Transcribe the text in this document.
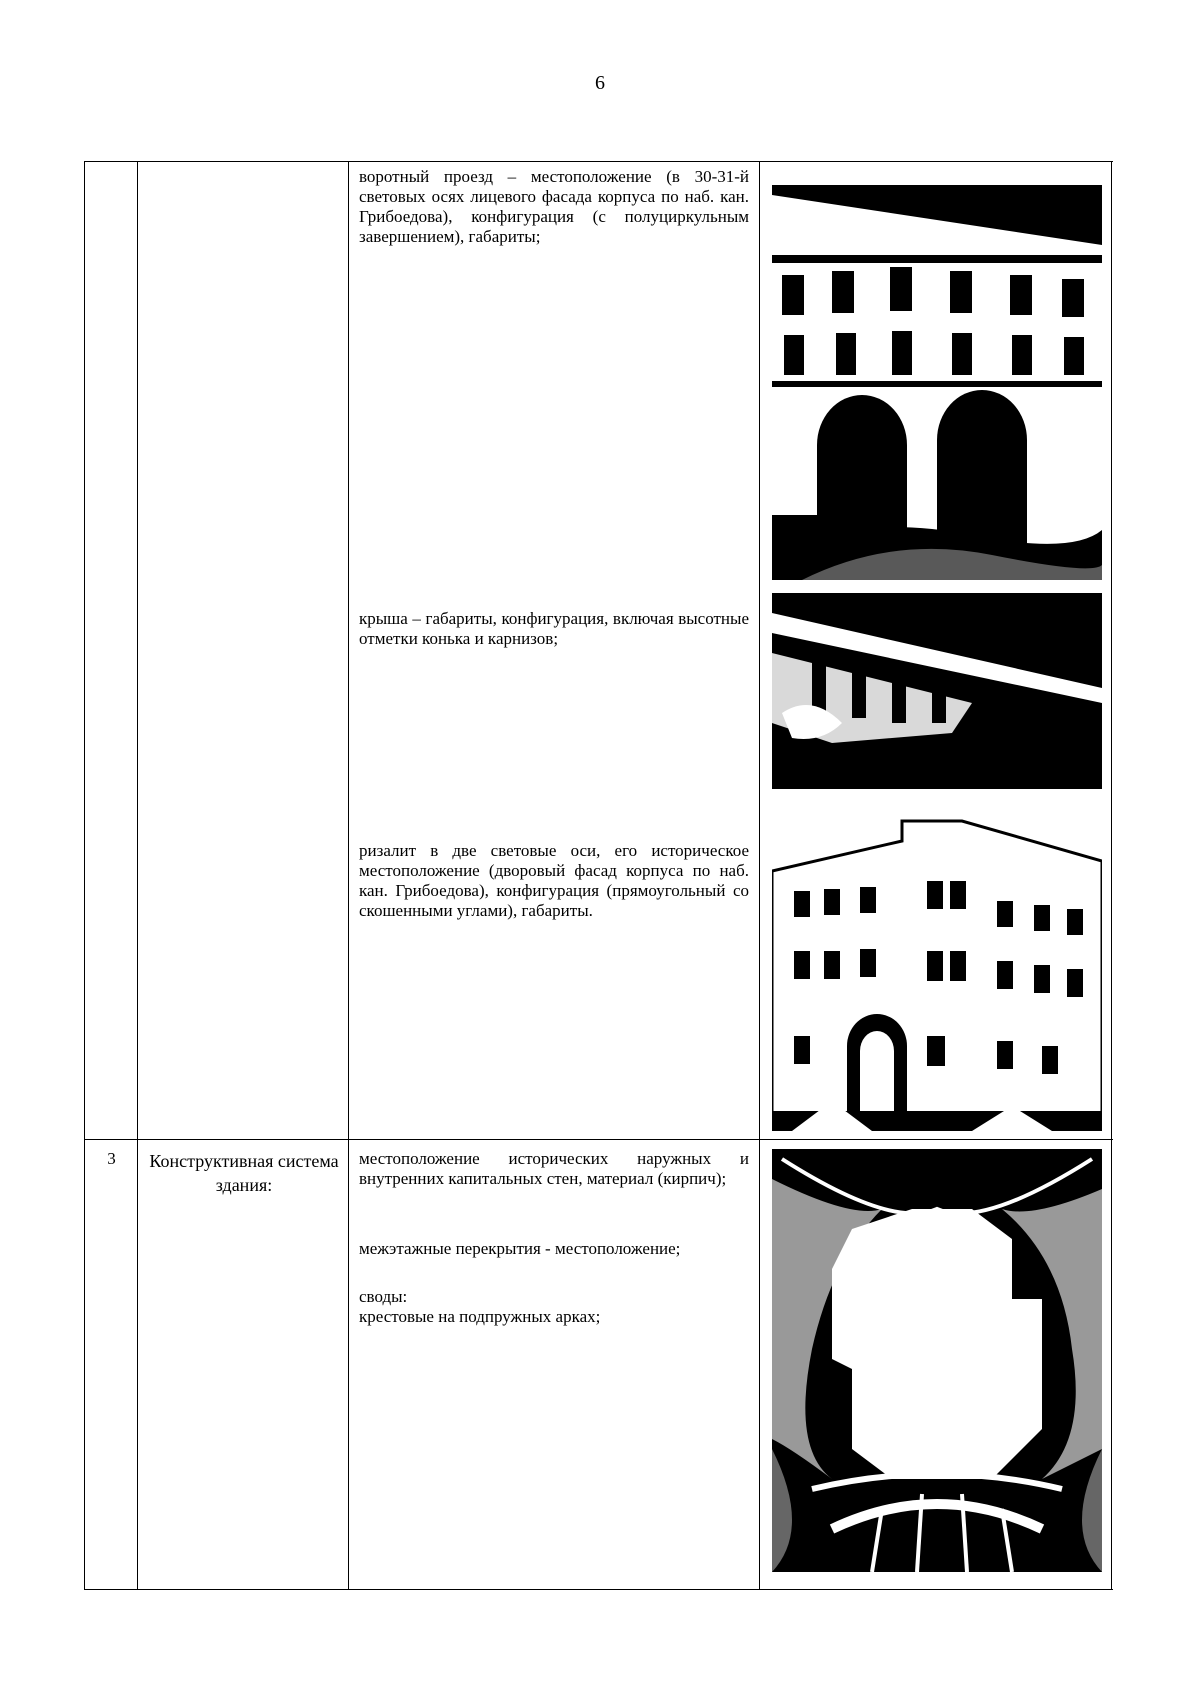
6
воротный проезд – местоположение (в 30-31-й световых осях лицевого фасада корпуса по наб. кан. Грибоедова), конфигурация (с полуциркульным завершением), габариты;
крыша – габариты, конфигурация, включая высотные отметки конька и карнизов;
ризалит в две световые оси, его историческое местоположение (дворовый фасад корпуса по наб. кан. Грибоедова), конфигурация (прямоугольный со скошенными углами), габариты.
3	Конструктивная система здания:
местоположение исторических наружных и внутренних капитальных стен, материал (кирпич);
межэтажные перекрытия - местоположение;
своды:
крестовые на подпружных арках;
